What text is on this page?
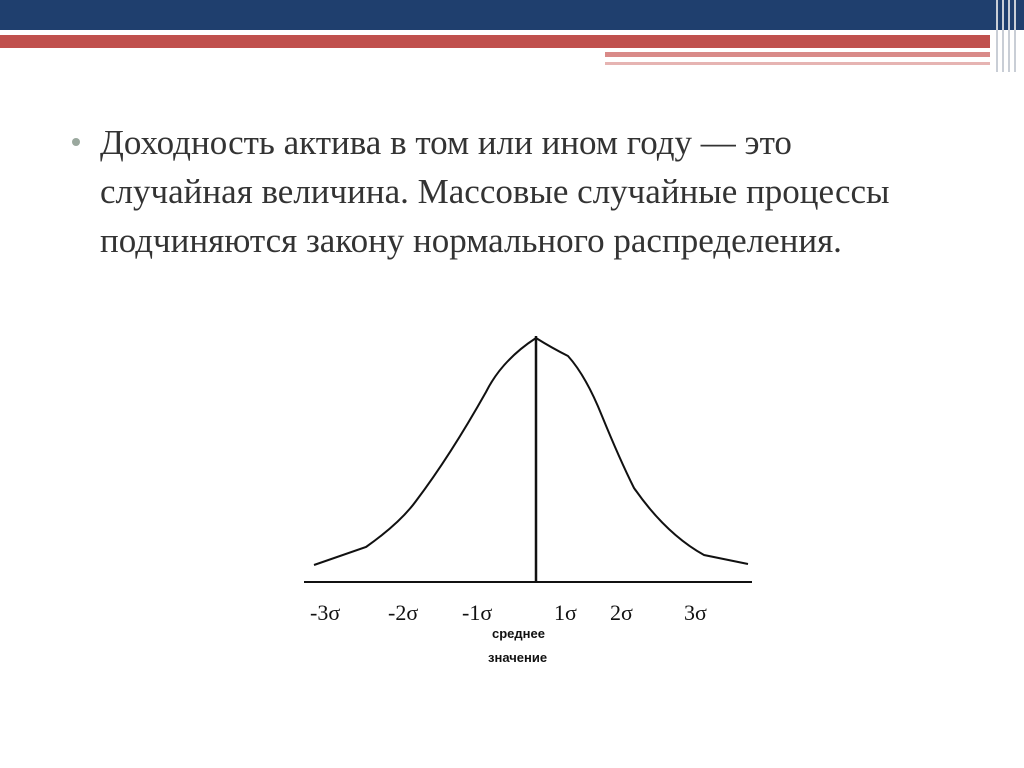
Доходность актива в том или ином году — это случайная величина. Массовые случайные процессы подчиняются закону нормального распределения.
-3σ -2σ -1σ	1σ 2σ 3σ
среднее
значение
